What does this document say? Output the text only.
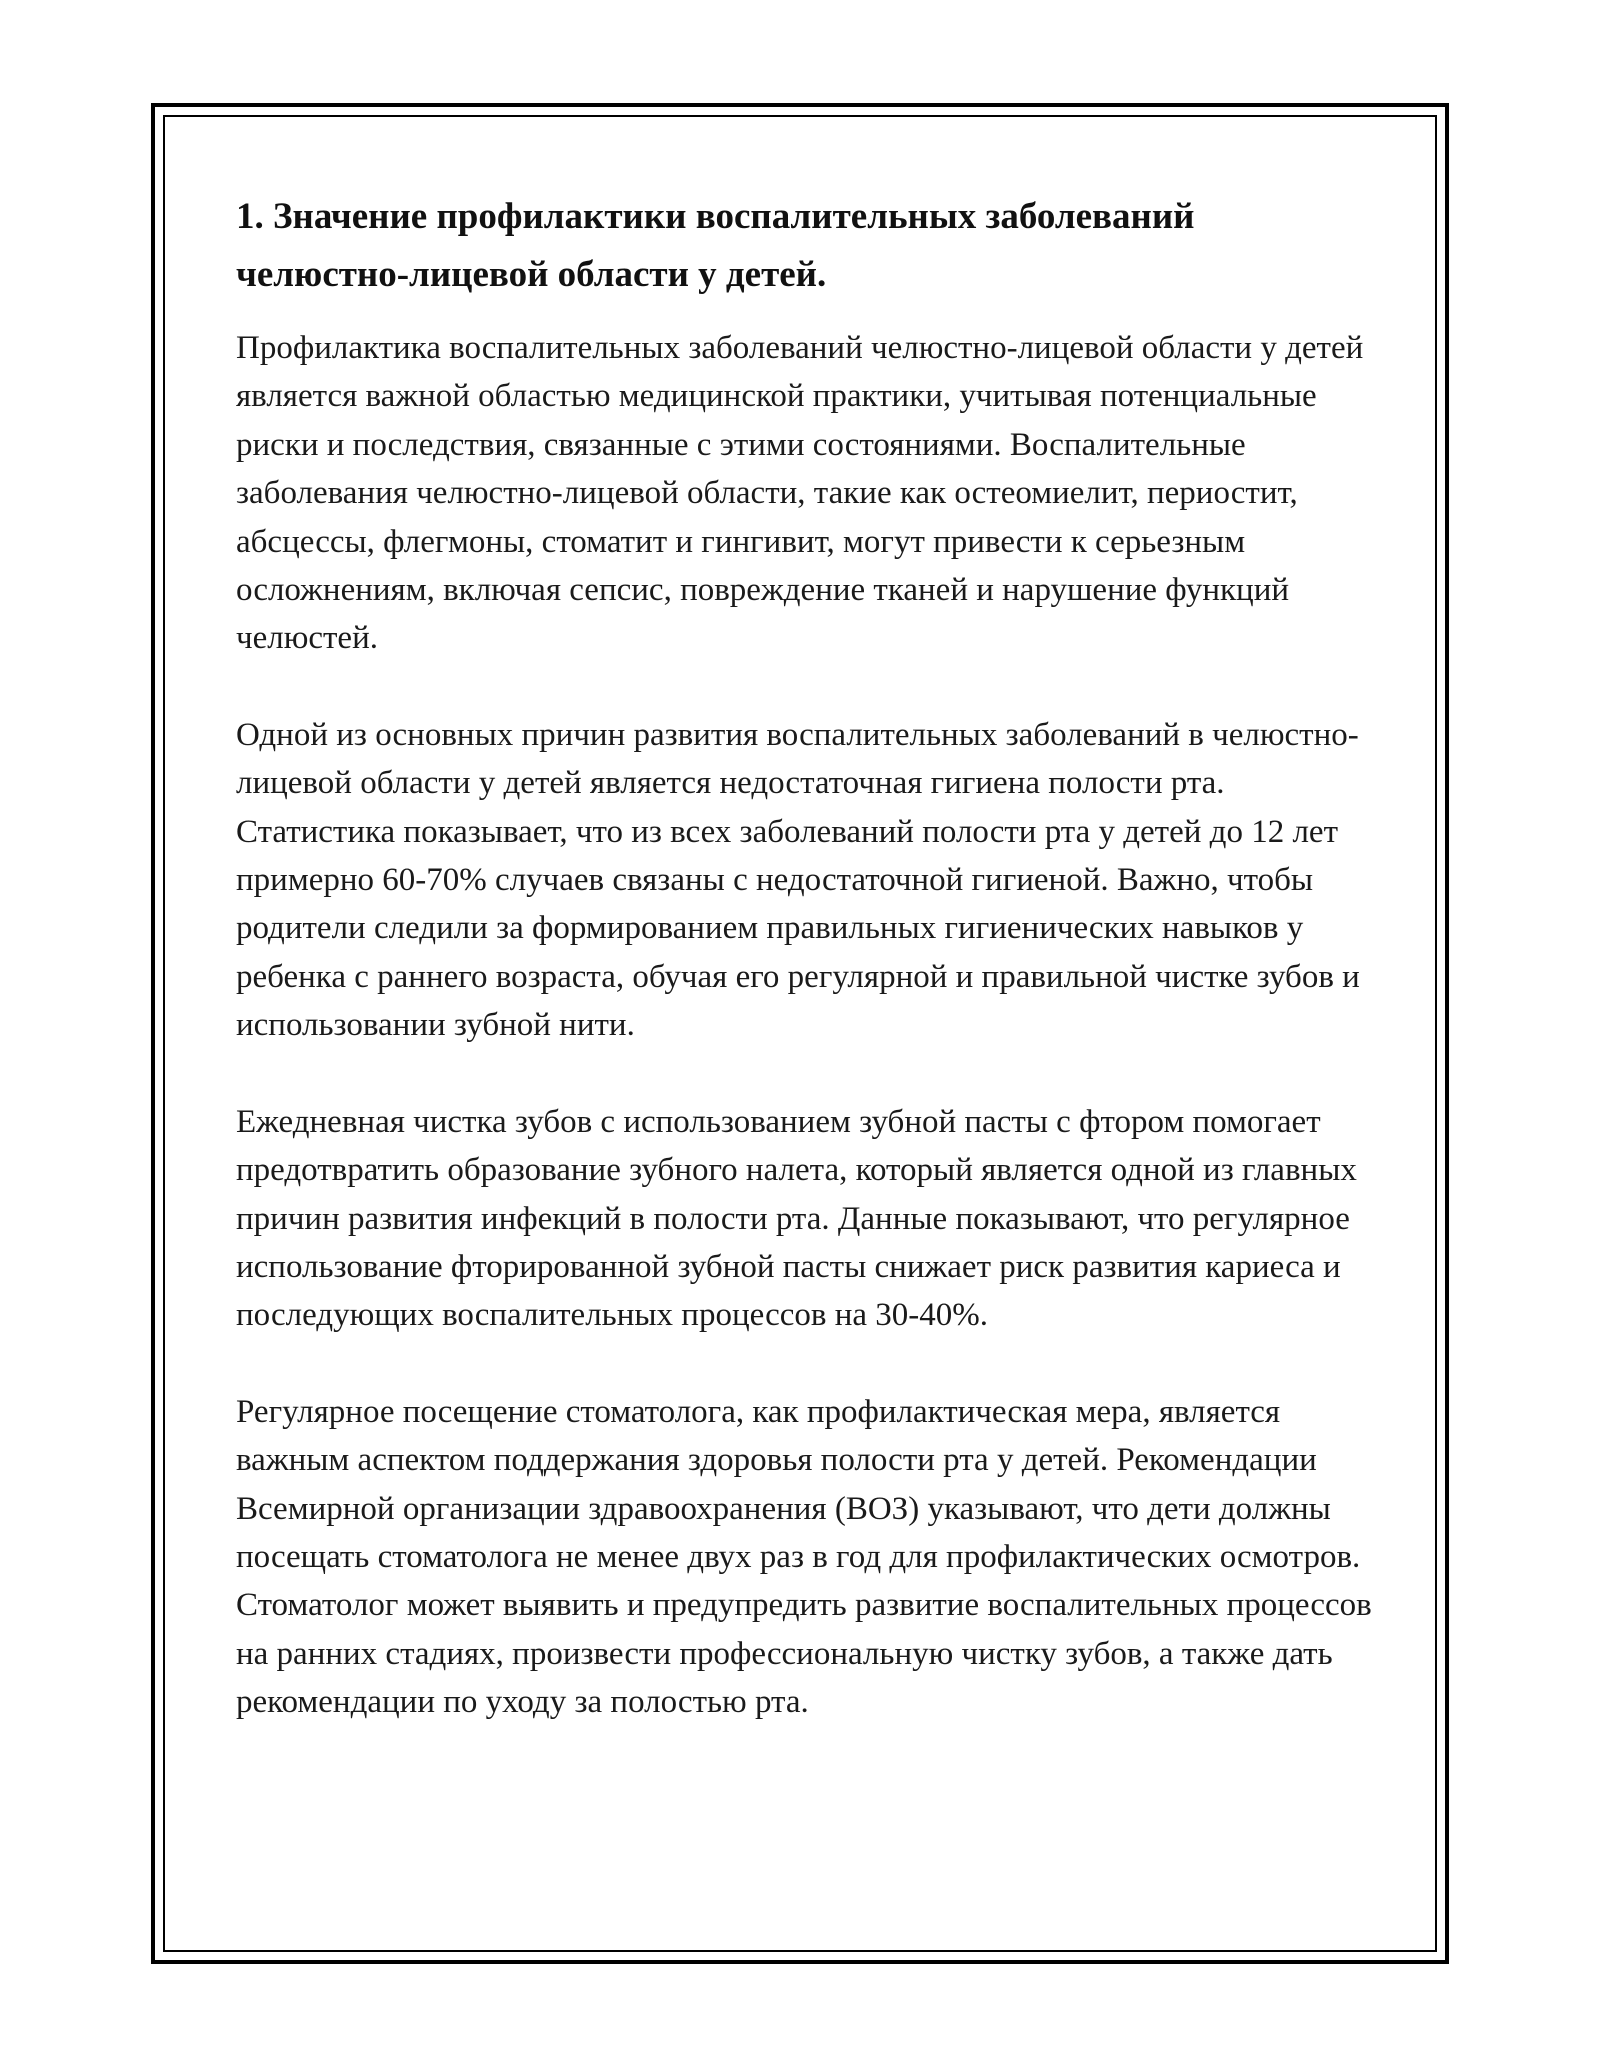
1. Значение профилактики воспалительных заболеваний челюстно-лицевой области у детей.

Профилактика воспалительных заболеваний челюстно-лицевой области у детей является важной областью медицинской практики, учитывая потенциальные риски и последствия, связанные с этими состояниями. Воспалительные заболевания челюстно-лицевой области, такие как остеомиелит, периостит, абсцессы, флегмоны, стоматит и гингивит, могут привести к серьезным осложнениям, включая сепсис, повреждение тканей и нарушение функций челюстей.

Одной из основных причин развития воспалительных заболеваний в челюстно-лицевой области у детей является недостаточная гигиена полости рта. Статистика показывает, что из всех заболеваний полости рта у детей до 12 лет примерно 60-70% случаев связаны с недостаточной гигиеной. Важно, чтобы родители следили за формированием правильных гигиенических навыков у ребенка с раннего возраста, обучая его регулярной и правильной чистке зубов и использовании зубной нити.

Ежедневная чистка зубов с использованием зубной пасты с фтором помогает предотвратить образование зубного налета, который является одной из главных причин развития инфекций в полости рта. Данные показывают, что регулярное использование фторированной зубной пасты снижает риск развития кариеса и последующих воспалительных процессов на 30-40%.

Регулярное посещение стоматолога, как профилактическая мера, является важным аспектом поддержания здоровья полости рта у детей. Рекомендации Всемирной организации здравоохранения (ВОЗ) указывают, что дети должны посещать стоматолога не менее двух раз в год для профилактических осмотров. Стоматолог может выявить и предупредить развитие воспалительных процессов на ранних стадиях, произвести профессиональную чистку зубов, а также дать рекомендации по уходу за полостью рта.
